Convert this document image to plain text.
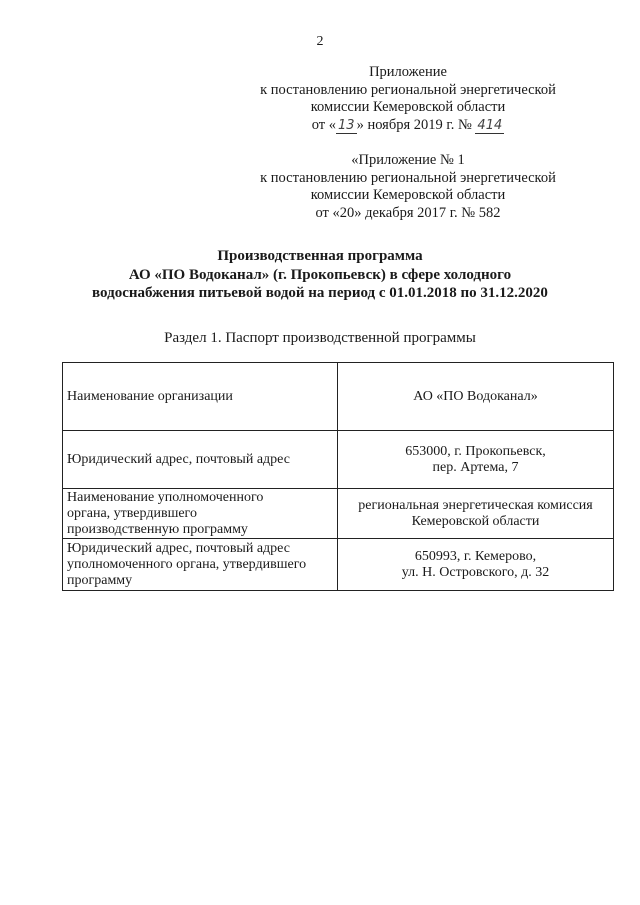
2
Приложение
к постановлению региональной энергетической
комиссии Кемеровской области
от « 13 » ноября 2019 г. № 414
«Приложение № 1
к постановлению региональной энергетической
комиссии Кемеровской области
от «20» декабря 2017 г. № 582
Производственная программа
АО «ПО Водоканал» (г. Прокопьевск) в сфере холодного
водоснабжения питьевой водой на период с 01.01.2018 по 31.12.2020
Раздел 1. Паспорт производственной программы
Наименование организации	АО «ПО Водоканал»

Юридический адрес, почтовый адрес	653000, г. Прокопьевск,
пер. Артема, 7

Наименование уполномоченного
органа, утвердившего
производственную программу	региональная энергетическая комиссия
Кемеровской области

Юридический адрес, почтовый адрес
уполномоченного органа, утвердившего
программу	650993, г. Кемерово,
ул. Н. Островского, д. 32
